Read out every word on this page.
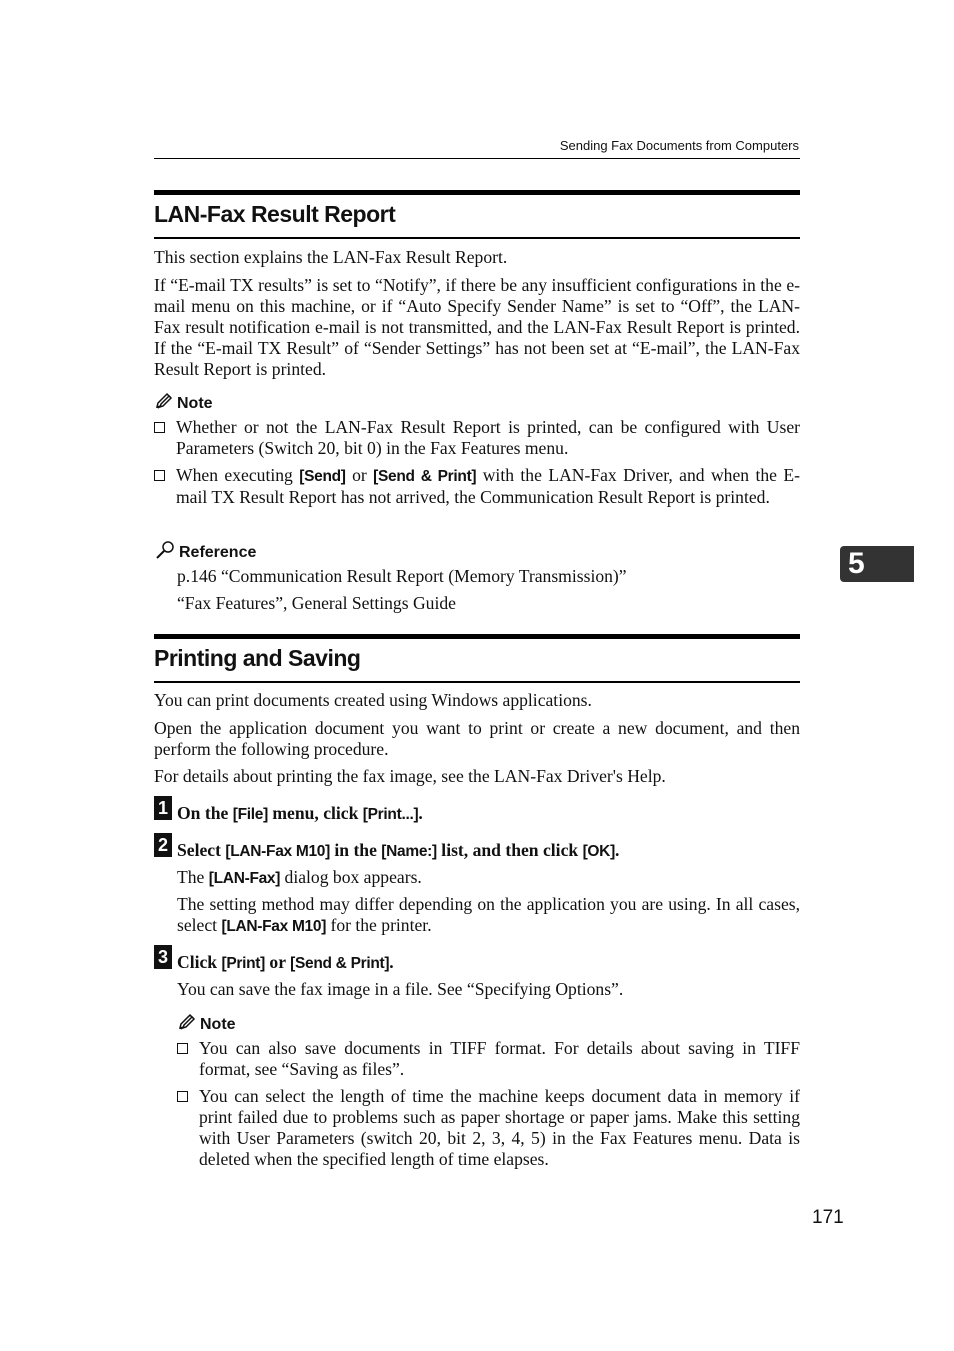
Sending Fax Documents from Computers
LAN-Fax Result Report
This section explains the LAN-Fax Result Report.
If “E-mail TX results” is set to “Notify”, if there be any insufficient configurations in the e-mail menu on this machine, or if “Auto Specify Sender Name” is set to “Off”, the LAN-Fax result notification e-mail is not transmitted, and the LAN-Fax Result Report is printed. If the “E-mail TX Result” of “Sender Settings” has not been set at “E-mail”, the LAN-Fax Result Report is printed.
Note
Whether or not the LAN-Fax Result Report is printed, can be configured with User Parameters (Switch 20, bit 0) in the Fax Features menu.
When executing [Send] or [Send & Print] with the LAN-Fax Driver, and when the E-mail TX Result Report has not arrived, the Communication Result Report is printed.
Reference
p.146 “Communication Result Report (Memory Transmission)”
“Fax Features”, General Settings Guide
Printing and Saving
You can print documents created using Windows applications.
Open the application document you want to print or create a new document, and then perform the following procedure.
For details about printing the fax image, see the LAN-Fax Driver's Help.
1 On the [File] menu, click [Print...].
2 Select [LAN-Fax M10] in the [Name:] list, and then click [OK].
The [LAN-Fax] dialog box appears.
The setting method may differ depending on the application you are using. In all cases, select [LAN-Fax M10] for the printer.
3 Click [Print] or [Send & Print].
You can save the fax image in a file. See “Specifying Options”.
Note
You can also save documents in TIFF format. For details about saving in TIFF format, see “Saving as files”.
You can select the length of time the machine keeps document data in memory if print failed due to problems such as paper shortage or paper jams. Make this setting with User Parameters (switch 20, bit 2, 3, 4, 5) in the Fax Features menu. Data is deleted when the specified length of time elapses.
5
171
